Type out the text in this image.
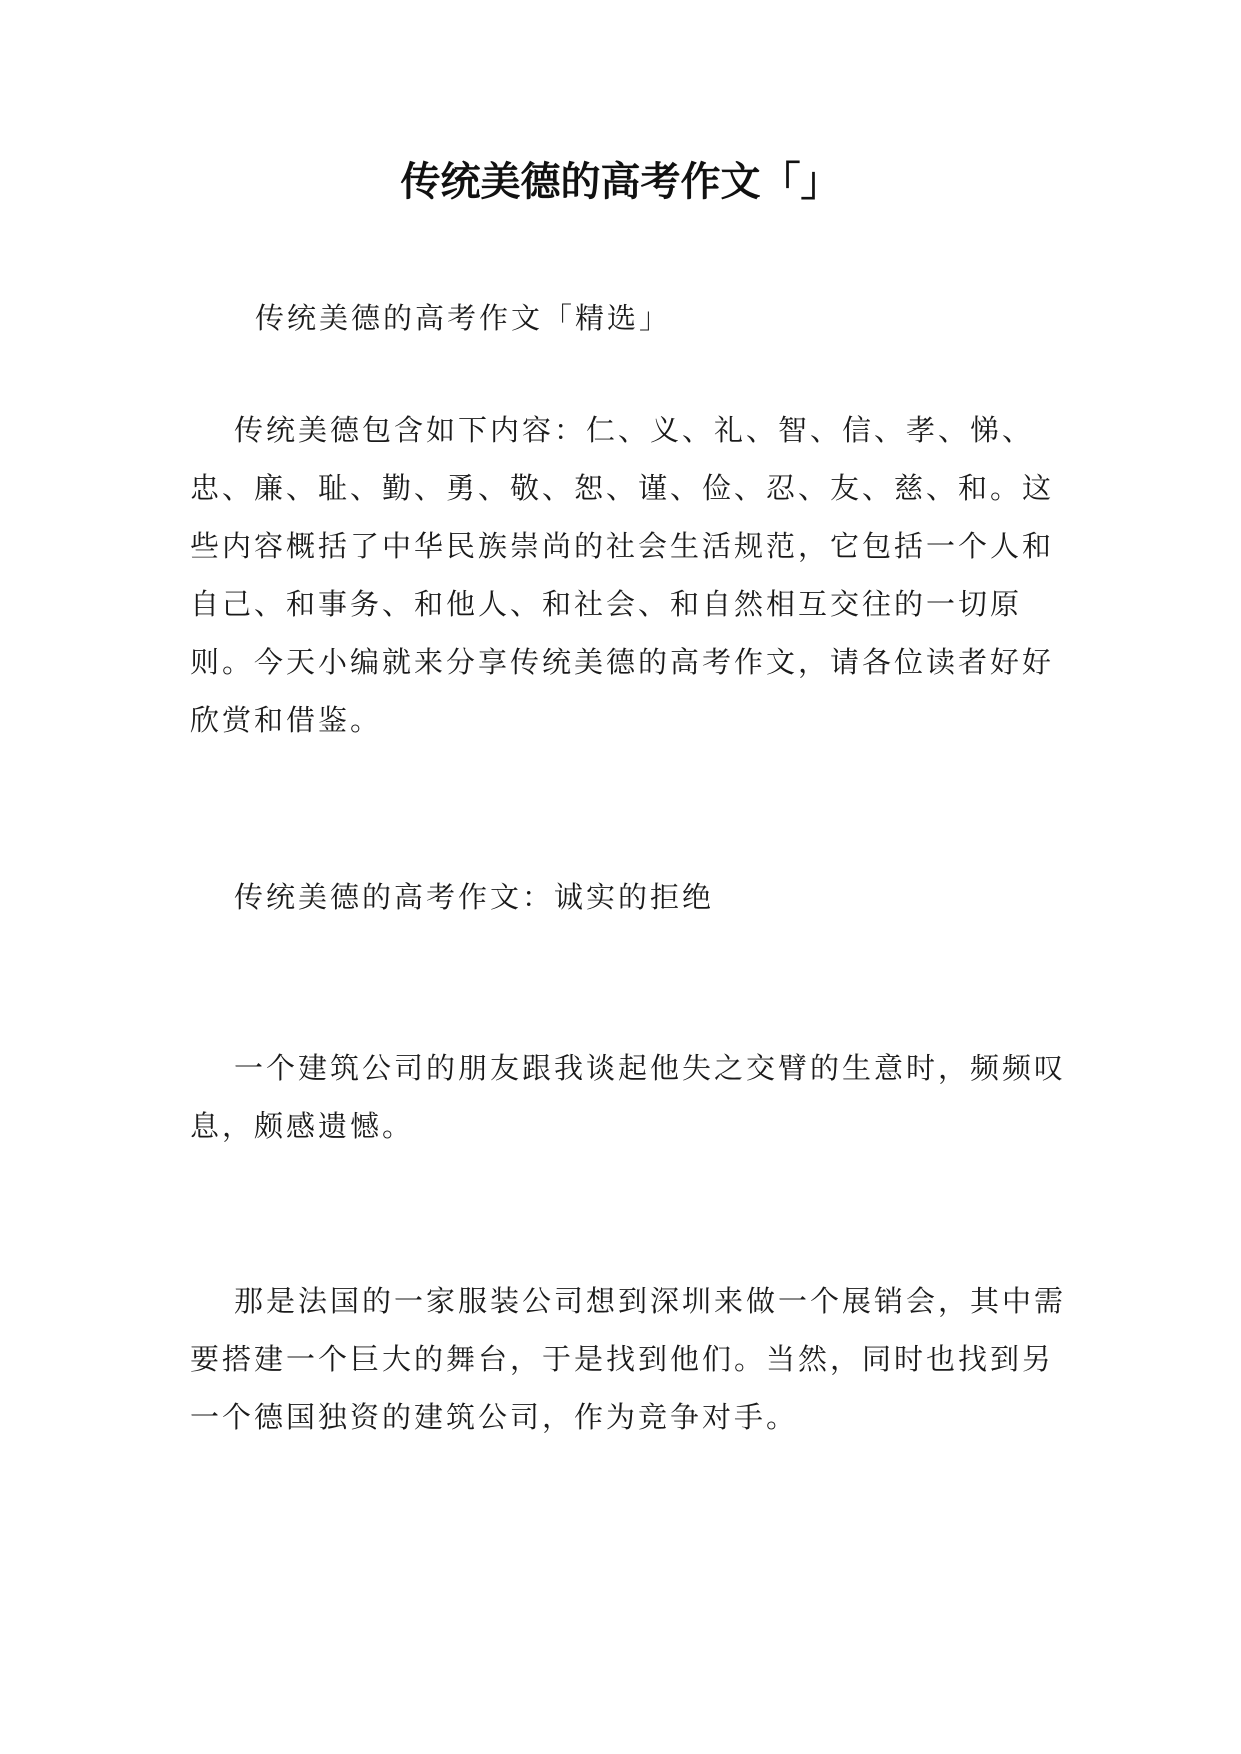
传统美德的高考作文「」

传统美德的高考作文「精选」

传统美德包含如下内容：仁、义、礼、智、信、孝、悌、忠、廉、耻、勤、勇、敬、恕、谨、俭、忍、友、慈、和。这些内容概括了中华民族崇尚的社会生活规范，它包括一个人和自己、和事务、和他人、和社会、和自然相互交往的一切原则。今天小编就来分享传统美德的高考作文，请各位读者好好欣赏和借鉴。

传统美德的高考作文：诚实的拒绝

一个建筑公司的朋友跟我谈起他失之交臂的生意时，频频叹息，颇感遗憾。

那是法国的一家服装公司想到深圳来做一个展销会，其中需要搭建一个巨大的舞台，于是找到他们。当然，同时也找到另一个德国独资的建筑公司，作为竞争对手。
